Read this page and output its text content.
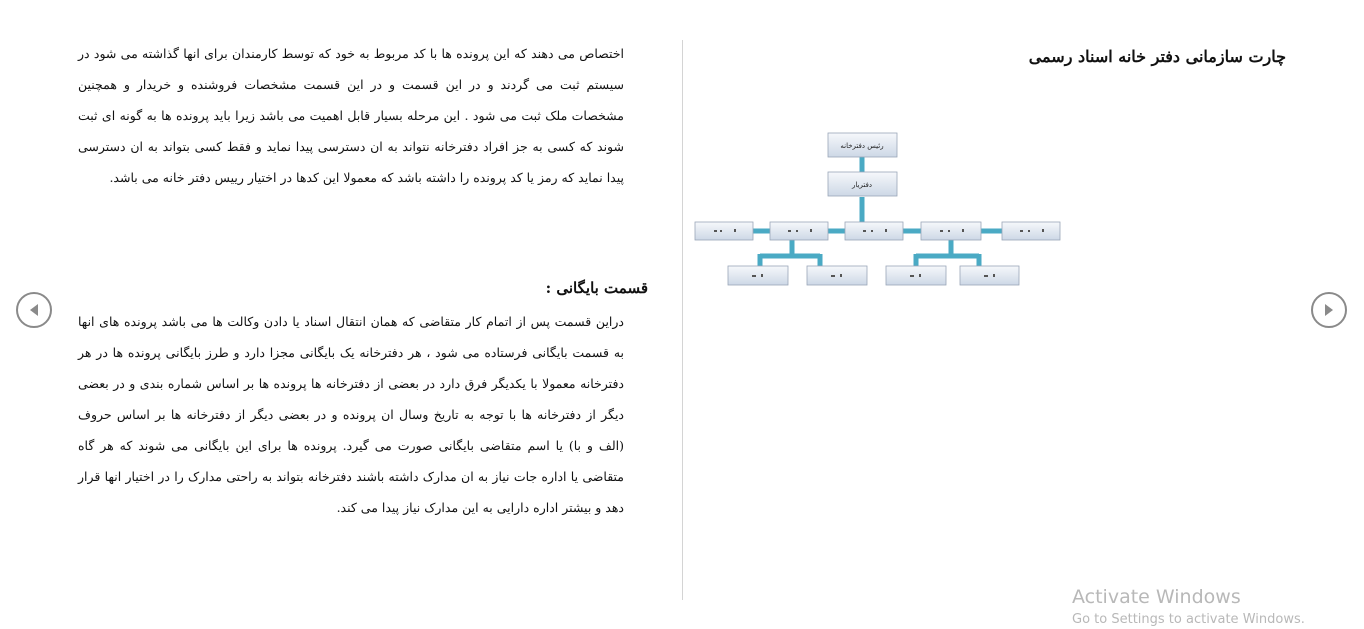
اختصاص می دهند که این پرونده ها با کد مربوط به خود که توسط کارمندان برای انها گذاشته می شود در سیستم ثبت می گردند و در این قسمت و در این قسمت مشخصات فروشنده و خریدار و همچنین مشخصات ملک ثبت می شود . این مرحله بسیار قابل اهمیت می باشد زیرا باید پرونده ها به گونه ای ثبت شوند که کسی به جز افراد دفترخانه نتواند به ان دسترسی پیدا نماید و فقط کسی بتواند به ان دسترسی پیدا نماید که رمز یا کد پرونده را داشته باشد که معمولا این کدها در اختیار رییس دفتر خانه می باشد.
قسمت بایگانی :
دراین قسمت پس از اتمام کار متقاضی که همان انتقال اسناد یا دادن وکالت ها می باشد پرونده های انها به قسمت بایگانی فرستاده می شود ، هر دفترخانه یک بایگانی مجزا دارد و طرز بایگانی پرونده ها در هر دفترخانه معمولا با یکدیگر فرق دارد در بعضی از دفترخانه ها پرونده ها بر اساس شماره بندی و در بعضی دیگر از دفترخانه ها با توجه به تاریخ وسال ان پرونده و در بعضی دیگر از دفترخانه ها بر اساس حروف (الف و با) یا اسم متقاضی بایگانی صورت می گیرد. پرونده ها برای این بایگانی می شوند که هر گاه متقاضی یا اداره جات نیاز به ان مدارک داشته باشند دفترخانه بتواند به راحتی مدارک را در اختیار انها قرار دهد و بیشتر اداره دارایی به این مدارک نیاز پیدا می کند.
چارت سازمانی دفتر خانه اسناد رسمی
رئیس دفترخانه
دفتریار
Activate Windows
Go to Settings to activate Windows.
